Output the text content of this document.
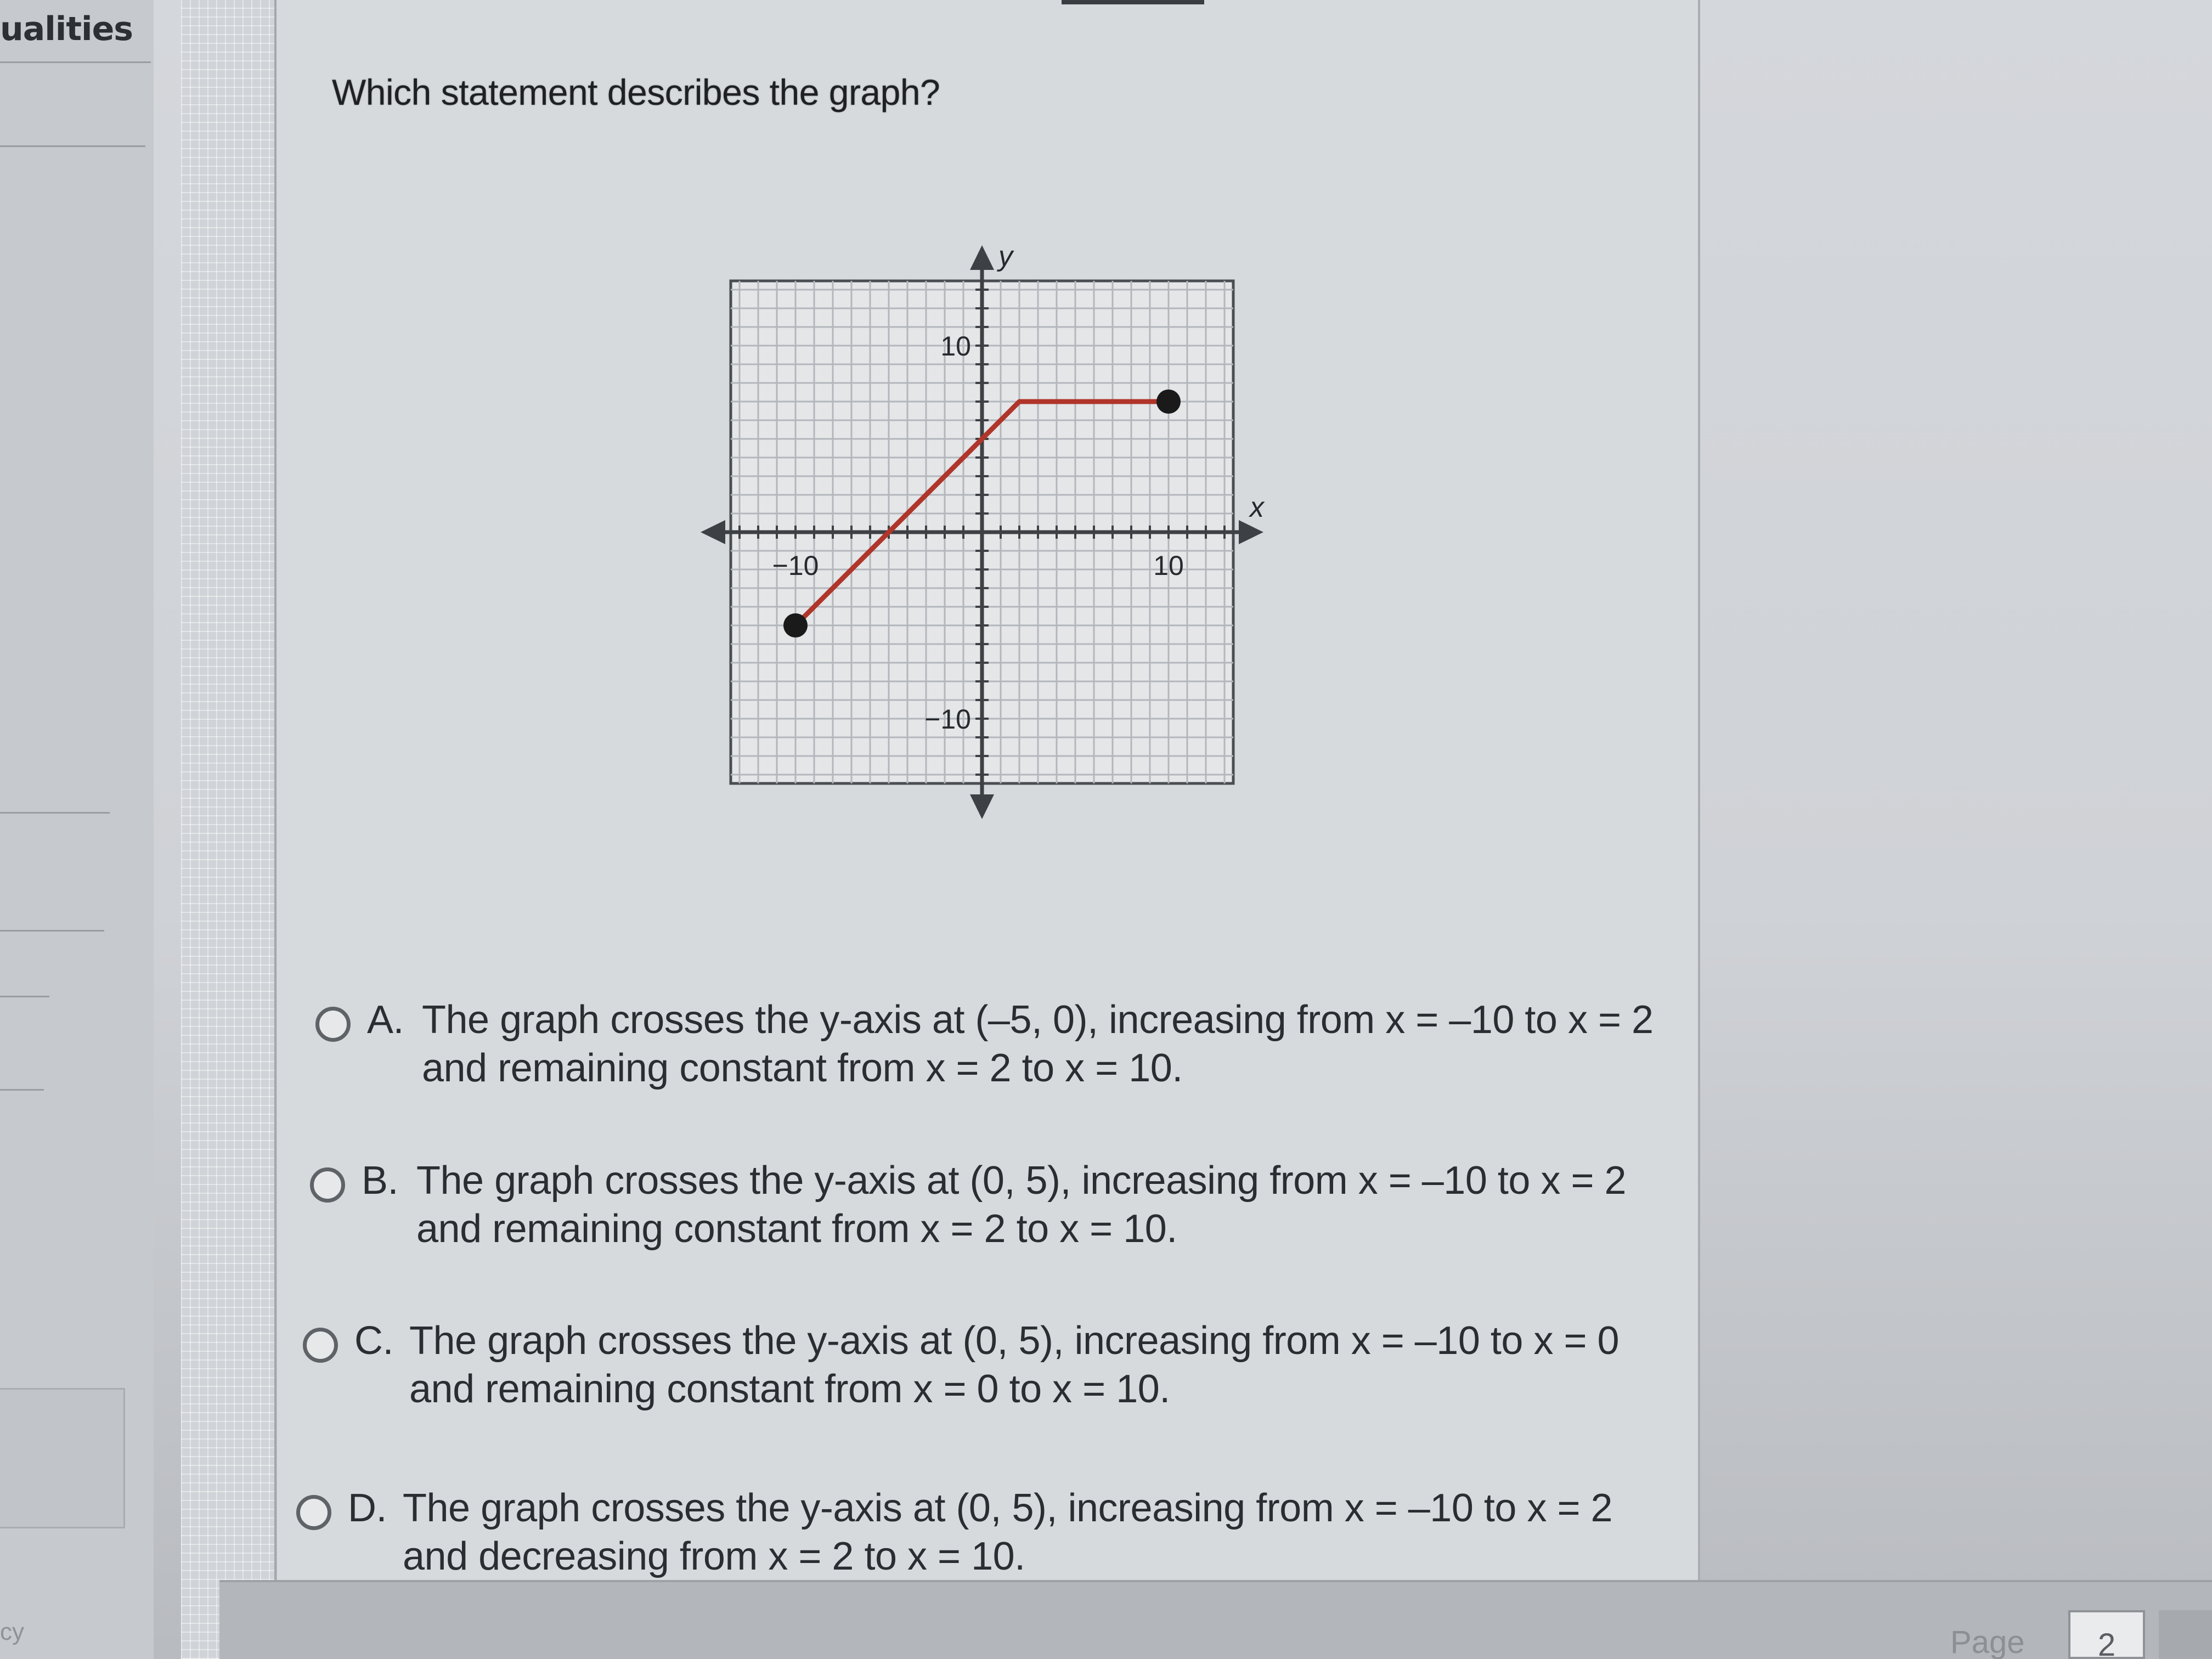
ualities
cy
Which statement describes the graph?
−10	10
10
−10
y
x
A. The graph crosses the y-axis at (–5, 0), increasing from x = –10 to x = 2
and remaining constant from x = 2 to x = 10.
B. The graph crosses the y-axis at (0, 5), increasing from x = –10 to x = 2
and remaining constant from x = 2 to x = 10.
C. The graph crosses the y-axis at (0, 5), increasing from x = –10 to x = 0
and remaining constant from x = 0 to x = 10.
D. The graph crosses the y-axis at (0, 5), increasing from x = –10 to x = 2
and decreasing from x = 2 to x = 10.
Page	2
